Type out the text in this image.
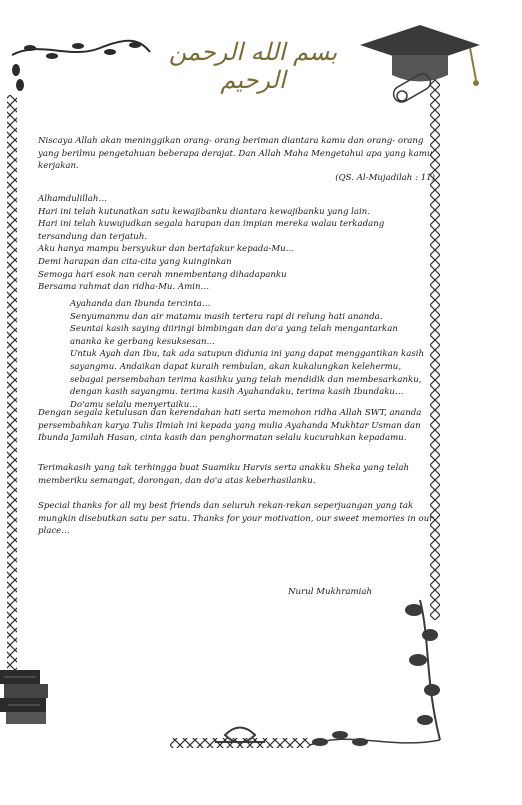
بسم الله الرحمن الرحيم

Niscaya Allah akan meninggikan orang- orang beriman diantara kamu dan orang- orang yang berilmu pengetahuan beberapa derajat. Dan Allah Maha Mengetahui apa yang kamu kerjakan.

(QS. Al-Mujadilah : 11)

Alhamdulillah…

Hari ini telah kutunatkan satu kewajibanku diantara kewajibanku yang lain.

Hari ini telah kuwujudkan segala harapan dan impian mereka walau terkadang tersandung dan terjatuh.

Aku hanya mampu bersyukur dan bertafakur kepada-Mu…

Demi harapan dan cita-cita yang kuinginkan

Semoga hari esok nan cerah mnembentang dihadapanku

Bersama rahmat dan ridha-Mu. Amin…

Ayahanda dan Ibunda tercinta…

Senyumanmu dan air matamu masih tertera rapi di relung hati ananda.

Seuntai kasih saying diiringi bimbingan dan do'a yang telah mengantarkan ananka ke gerbang kesuksesan…

Untuk Ayah dan Ibu, tak ada satupun didunia ini yang dapat menggantikan kasih sayangmu. Andaikan dapat kuraih rembulan, akan kukalungkan kelehermu, sebagai persembahan terima kasihku yang telah mendidik dan membesarkanku, dengan kasih sayangmu. terima kasih Ayahandaku, terima kasih Ibundaku…

Do'amu selalu menyertaiku…

Dengan segala ketulusan dan kerendahan hati serta memohon ridha Allah SWT, ananda persembahkan karya Tulis Ilmiah ini kepada yang mulia Ayahanda Mukhtar Usman dan Ibunda Jamilah Hasan, cinta kasih dan penghormatan selalu kucurahkan kepadamu.
Terimakasih yang tak terhingga buat Suamiku Harvis serta anakku Sheka yang telah memberiku semangat, dorongan, dan do'a atas keberhasilanku.
Special thanks for all my best friends dan seluruh rekan-rekan seperjuangan yang tak mungkin disebutkan satu per satu. Thanks for your motivation, our sweet memories in our place…
Nurul Mukhramiah
